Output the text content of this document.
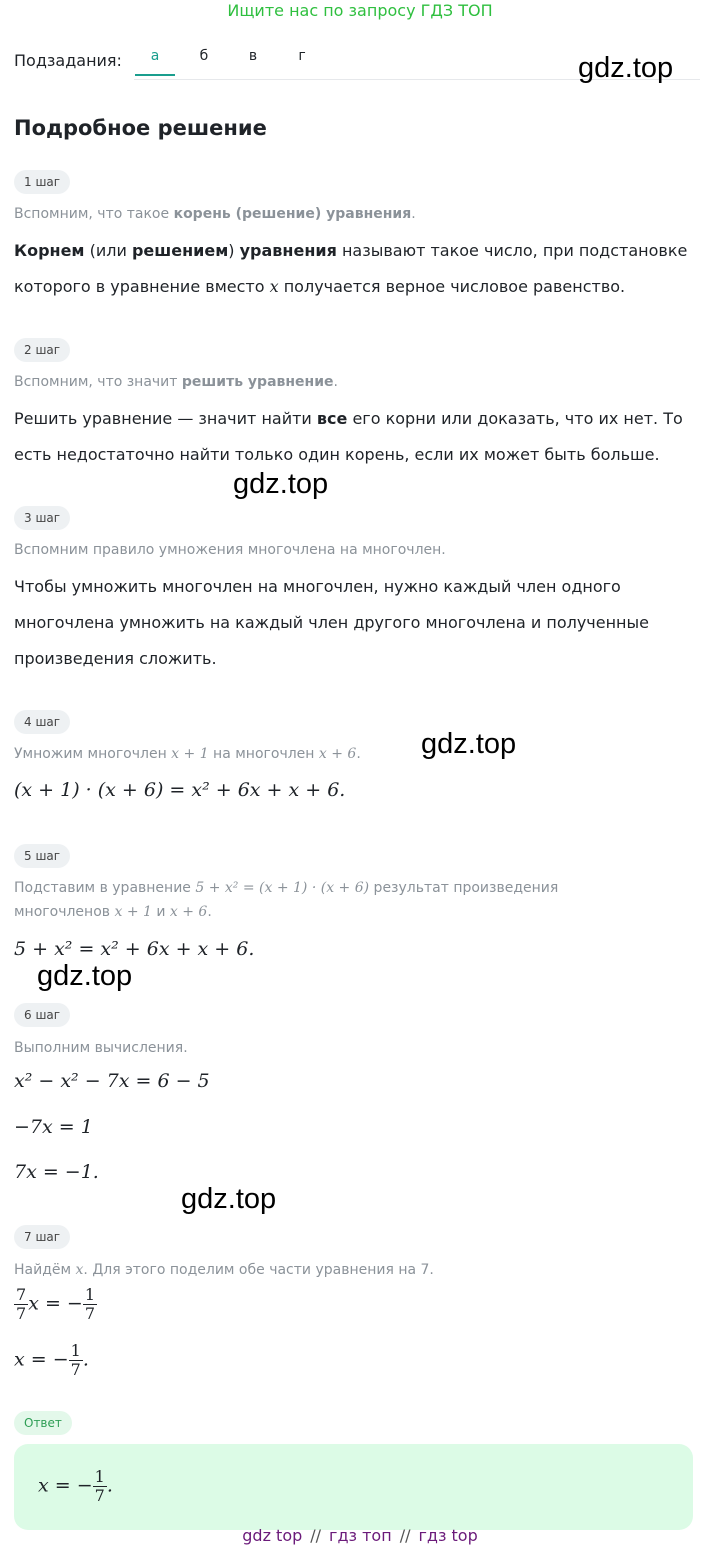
Ищите нас по запросу ГДЗ ТОП
Подзадания:	а	б	в	г	gdz.top
gdz.top
gdz.top
gdz.top
gdz.top
Подробное решение
1 шаг
Вспомним, что такое корень (решение) уравнения.
Корнем (или решением) уравнения называют такое число, при подстановке которого в уравнение вместо x получается верное числовое равенство.
2 шаг
Вспомним, что значит решить уравнение.
Решить уравнение — значит найти все его корни или доказать, что их нет. То есть недостаточно найти только один корень, если их может быть больше.
3 шаг
Вспомним правило умножения многочлена на многочлен.
Чтобы умножить многочлен на многочлен, нужно каждый член одного многочлена умножить на каждый член другого многочлена и полученные произведения сложить.
4 шаг
Умножим многочлен x + 1 на многочлен x + 6.
(x + 1) · (x + 6) = x² + 6x + x + 6.
5 шаг
Подставим в уравнение 5 + x² = (x + 1) · (x + 6) результат произведения многочленов x + 1 и x + 6.
5 + x² = x² + 6x + x + 6.
6 шаг
Выполним вычисления.
x² − x² − 7x = 6 − 5
−7x = 1
7x = −1.
7 шаг
Найдём x. Для этого поделим обе части уравнения на 7.
$\frac{7}{7}$ x = − $\frac{1}{7}$
x = − $\frac{1}{7}$ .
Ответ
x = − $\frac{1}{7}$ .
gdz top // гдз топ // гдз top
